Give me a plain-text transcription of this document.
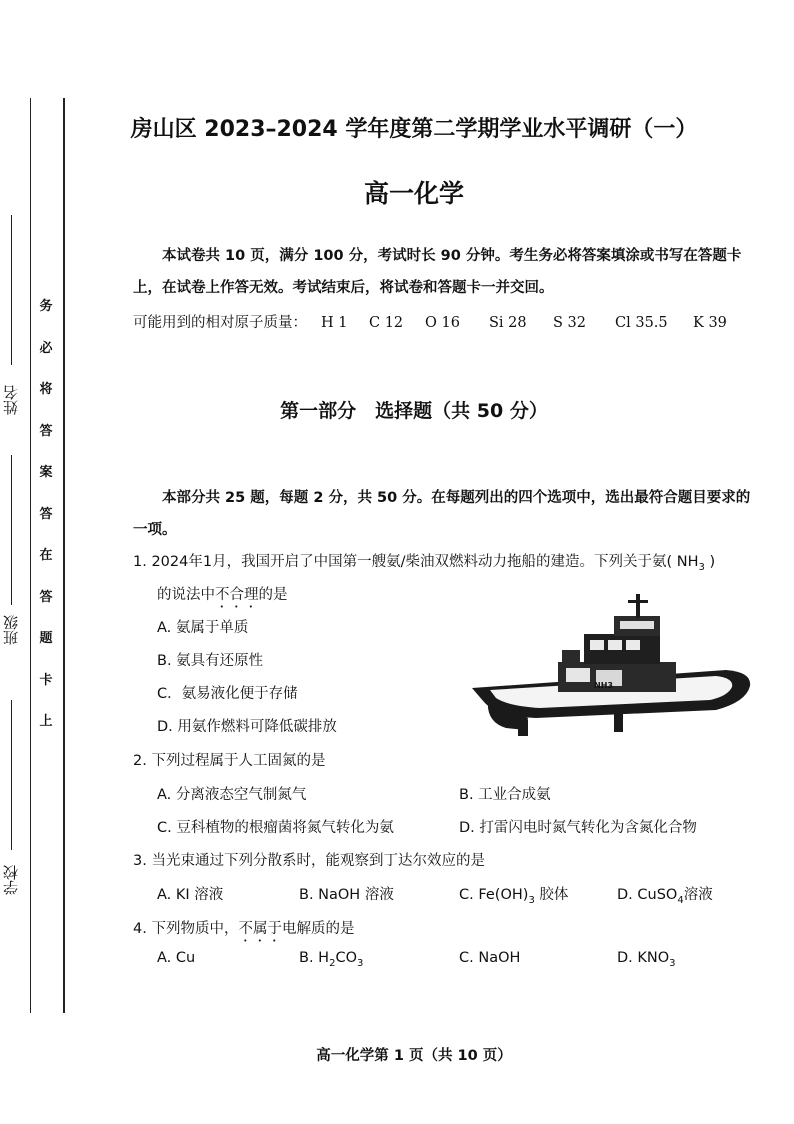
务
必
将
答
案
答
在
答
题
卡
上
姓名
班级
学校
房山区 2023–2024 学年度第二学期学业水平调研（一）
高一化学
本试卷共 10 页，满分 100 分，考试时长 90 分钟。考生务必将答案填涂或书写在答题卡上，在试卷上作答无效。考试结束后，将试卷和答题卡一并交回。
可能用到的相对原子质量： H 1	C 12	O 16	Si 28	S 32	Cl 35.5	K 39
第一部分　选择题（共 50 分）
本部分共 25 题，每题 2 分，共 50 分。在每题列出的四个选项中，选出最符合题目要求的一项。
1. 2024年1月，我国开启了中国第一艘氨/柴油双燃料动力拖船的建造。下列关于氨( $NH_3$ )
的说法中不合理的是
A. 氨属于单质
B. 氨具有还原性
C．氨易液化便于存储
D. 用氨作燃料可降低碳排放
NH3
2. 下列过程属于人工固氮的是
A. 分离液态空气制氮气	B. 工业合成氨
C. 豆科植物的根瘤菌将氮气转化为氨	D. 打雷闪电时氮气转化为含氮化合物
3. 当光束通过下列分散系时，能观察到丁达尔效应的是
A. KI 溶液	B. NaOH 溶液	C. $Fe(OH)_3$ 胶体	D. CuSO$_4$溶液
4. 下列物质中，不属于电解质的是
A. Cu	B. $H_2CO_3$	C. NaOH	D. $KNO_3$
高一化学第 1 页（共 10 页）
